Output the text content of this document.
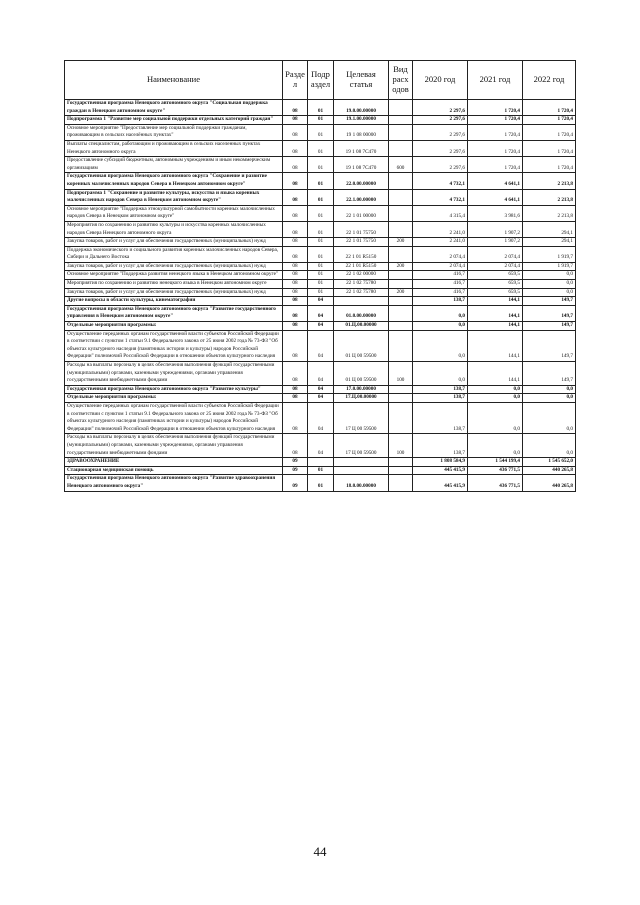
Наименование	Разде л	Подр аздел	Целевая статья	Вид расх одов	2020 год	2021 год	2022 год
Государственная программа Ненецкого автономного округа "Социальная поддержка граждан в Ненецком автономном округе"	08	01	19.0.00.00000		2 297,6	1 720,4	1 720,4
Подпрограмма 1 "Развитие мер социальной поддержки отдельных категорий граждан"	08	01	19.1.00.00000		2 297,6	1 720,4	1 720,4
Основное мероприятие "Предоставление мер социальной поддержки гражданам, проживающим в сельских населённых пунктах"	08	01	19 1 08 00000		2 297,6	1 720,4	1 720,4
Выплаты специалистам, работающим и проживающим в сельских населенных пунктах Ненецкого автономного округа	08	01	19 1 08 7С470		2 297,6	1 720,4	1 720,4
Предоставление субсидий бюджетным, автономным учреждениям и иным некоммерческим организациям	08	01	19 1 08 7С470	600	2 297,6	1 720,4	1 720,4
Государственная программа Ненецкого автономного округа "Сохранение и развитие коренных малочисленных народов Севера в Ненецком автономном округе"	08	01	22.0.00.00000		4 732,1	4 641,1	2 213,8
Подпрограмма 1 "Сохранение и развитие культуры, искусства и языка коренных малочисленных народов Севера в Ненецком автономном округе"	08	01	22.1.00.00000		4 732,1	4 641,1	2 213,8
Основное мероприятие "Поддержка этнокультурной самобытности коренных малочисленных народов Севера в Ненецком автономном округе"	08	01	22 1 01 00000		4 315,4	3 981,6	2 213,8
Мероприятия по сохранению и развитию культуры и искусства коренных малочисленных народов Севера Ненецкого автономного округа	08	01	22 1 01 75750		2 241,0	1 907,2	294,1
Закупка товаров, работ и услуг для обеспечения государственных (муниципальных) нужд	08	01	22 1 01 75750	200	2 241,0	1 907,2	294,1
Поддержка экономического и социального развития коренных малочисленных народов Севера, Сибири и Дальнего Востока	08	01	22 1 01 R5150		2 074,4	2 074,4	1 919,7
Закупка товаров, работ и услуг для обеспечения государственных (муниципальных) нужд	08	01	22 1 01 R5150	200	2 074,4	2 074,4	1 919,7
Основное мероприятие "Поддержка развития ненецкого языка в Ненецком автономном округе"	08	01	22 1 02 00000		416,7	659,5	0,0
Мероприятия по сохранению и развитию ненецкого языка в Ненецком автономном округе	08	01	22 1 02 75780		416,7	659,5	0,0
Закупка товаров, работ и услуг для обеспечения государственных (муниципальных) нужд	08	01	22 1 02 75780	200	416,7	659,5	0,0
Другие вопросы в области культуры, кинематографии	08	04			138,7	144,1	149,7
Государственная программа Ненецкого автономного округа "Развитие государственного управления в Ненецком автономном округе"	08	04	01.0.00.00000		0,0	144,1	149,7
Отдельные мероприятия программы:	08	04	01.Ц.00.00000		0,0	144,1	149,7
Осуществление переданных органам государственной власти субъектов Российской Федерации в соответствии с пунктом 1 статьи 9.1 Федерального закона от 25 июня 2002 года № 73-ФЗ "Об объектах культурного наследия (памятниках истории и культуры) народов Российской Федерации" полномочий Российской Федерации в отношении объектов культурного наследия	08	04	01 Ц 00 59500		0,0	144,1	149,7
Расходы на выплаты персоналу в целях обеспечения выполнения функций государственными (муниципальными) органами, казенными учреждениями, органами управления государственными внебюджетными фондами	08	04	01 Ц 00 59500	100	0,0	144,1	149,7
Государственная программа Ненецкого автономного округа "Развитие культуры"	08	04	17.0.00.00000		138,7	0,0	0,0
Отдельные мероприятия программы:	08	04	17.Ц.00.00000		138,7	0,0	0,0
Осуществление переданных органам государственной власти субъектов Российской Федерации в соответствии с пунктом 1 статьи 9.1 Федерального закона от 25 июня 2002 года № 73-ФЗ "Об объектах культурного наследия (памятниках истории и культуры) народов Российской Федерации" полномочий Российской Федерации в отношении объектов культурного наследия	08	04	17 Ц 00 59500		138,7	0,0	0,0
Расходы на выплаты персоналу в целях обеспечения выполнения функций государственными (муниципальными) органами, казенными учреждениями, органами управления государственными внебюджетными фондами	08	04	17 Ц 00 59500	100	138,7	0,0	0,0
ЗДРАВООХРАНЕНИЕ	09				1 808 584,9	1 544 199,4	1 545 652,0
Стационарная медицинская помощь	09	01			445 415,9	436 771,5	440 265,8
Государственная программа Ненецкого автономного округа "Развитие здравоохранения Ненецкого автономного округа"	09	01	18.0.00.00000		445 415,9	436 771,5	440 265,8
44
